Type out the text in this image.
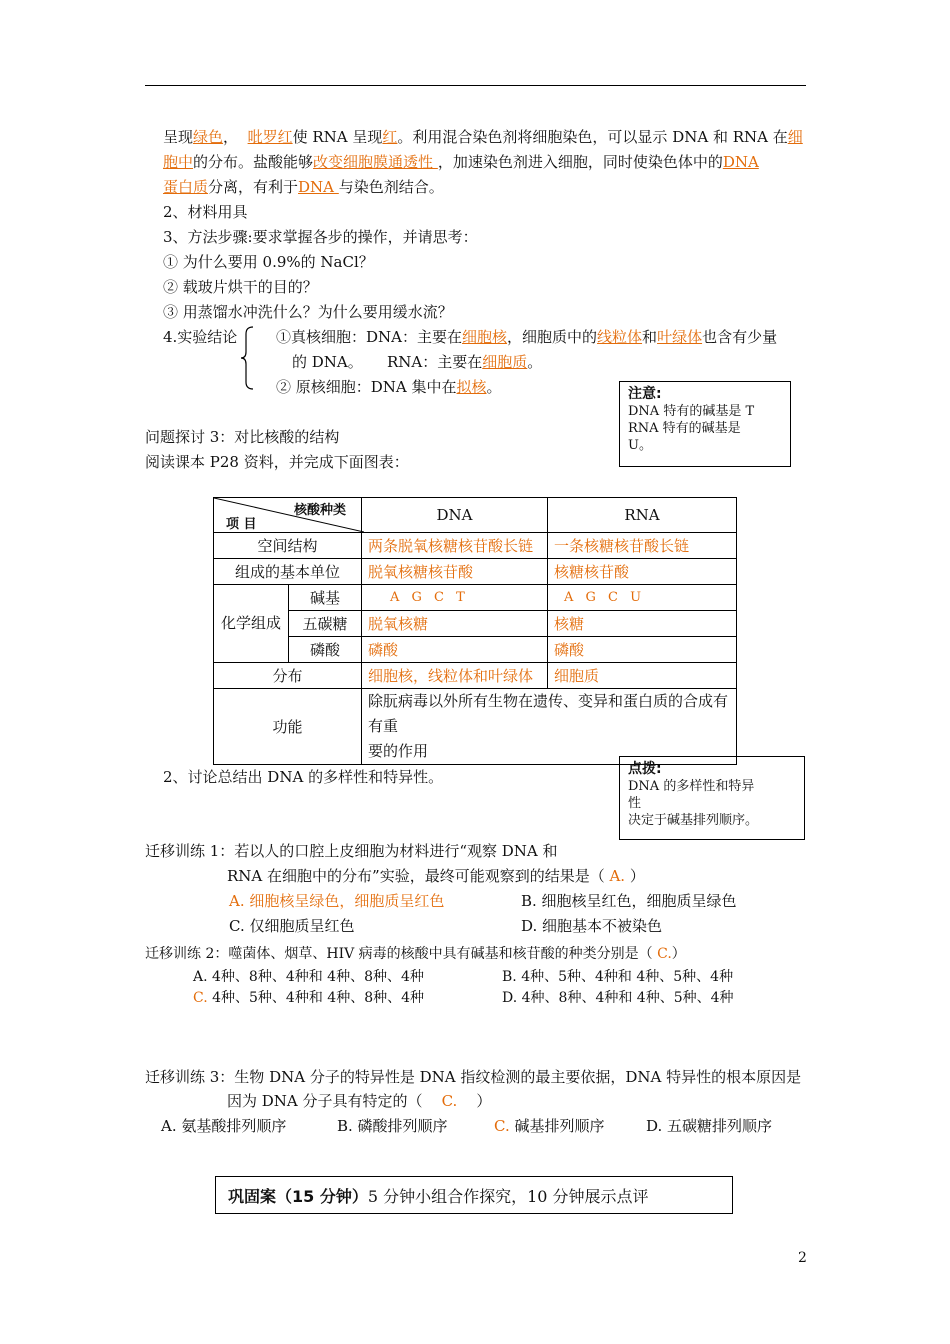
呈现绿色， 吡罗红使 RNA 呈现红。利用混合染色剂将细胞染色，可以显示 DNA 和 RNA 在细
胞中的分布。盐酸能够改变细胞膜通透性 ，加速染色剂进入细胞，同时使染色体中的DNA
蛋白质分离，有利于DNA 与染色剂结合。
2、材料用具
3、方法步骤:要求掌握各步的操作，并请思考：
① 为什么要用 0.9%的 NaCl？
② 载玻片烘干的目的？
③ 用蒸馏水冲洗什么？为什么要用缓水流？
4.实验结论	①真核细胞：DNA：主要在细胞核，细胞质中的线粒体和叶绿体也含有少量
的 DNA。 RNA：主要在细胞质。
② 原核细胞：DNA 集中在拟核。	注意:
DNA 特有的碱基是 T
RNA 特有的碱基是
U。
问题探讨 3：对比核酸的结构
阅读课本 P28 资料，并完成下面图表：
核酸种类
项 目		DNA	RNA
空间结构		两条脱氧核糖核苷酸长链	一条核糖核苷酸长链
组成的基本单位		脱氧核糖核苷酸	核糖核苷酸
化学组成	碱基	A G C T	A G C U
	五碳糖	脱氧核糖	核糖
	磷酸	磷酸	磷酸
分布		细胞核，线粒体和叶绿体	细胞质
功能		除朊病毒以外所有生物在遗传、变异和蛋白质的合成有有重
要的作用	
2、讨论总结出 DNA 的多样性和特异性。	点拨:
DNA 的多样性和特异
性
决定于碱基排列顺序。
迁移训练 1：若以人的口腔上皮细胞为材料进行“观察 DNA 和
RNA 在细胞中的分布”实验，最终可能观察到的结果是（ A. ）
A. 细胞核呈绿色，细胞质呈红色	B. 细胞核呈红色，细胞质呈绿色
C. 仅细胞质呈红色	D. 细胞基本不被染色
迁移训练 2：噬菌体、烟草、HIV 病毒的核酸中具有碱基和核苷酸的种类分别是（ C.）
A. 4种、8种、4种和 4种、8种、4种	B. 4种、5种、4种和 4种、5种、4种
C. 4种、5种、4种和 4种、8种、4种	D. 4种、8种、4种和 4种、5种、4种
迁移训练 3：生物 DNA 分子的特异性是 DNA 指纹检测的最主要依据，DNA 特异性的根本原因是
因为 DNA 分子具有特定的（ C. ）
A. 氨基酸排列顺序	B. 磷酸排列顺序	C. 碱基排列顺序	D. 五碳糖排列顺序
巩固案（15 分钟）5 分钟小组合作探究，10 分钟展示点评
2
